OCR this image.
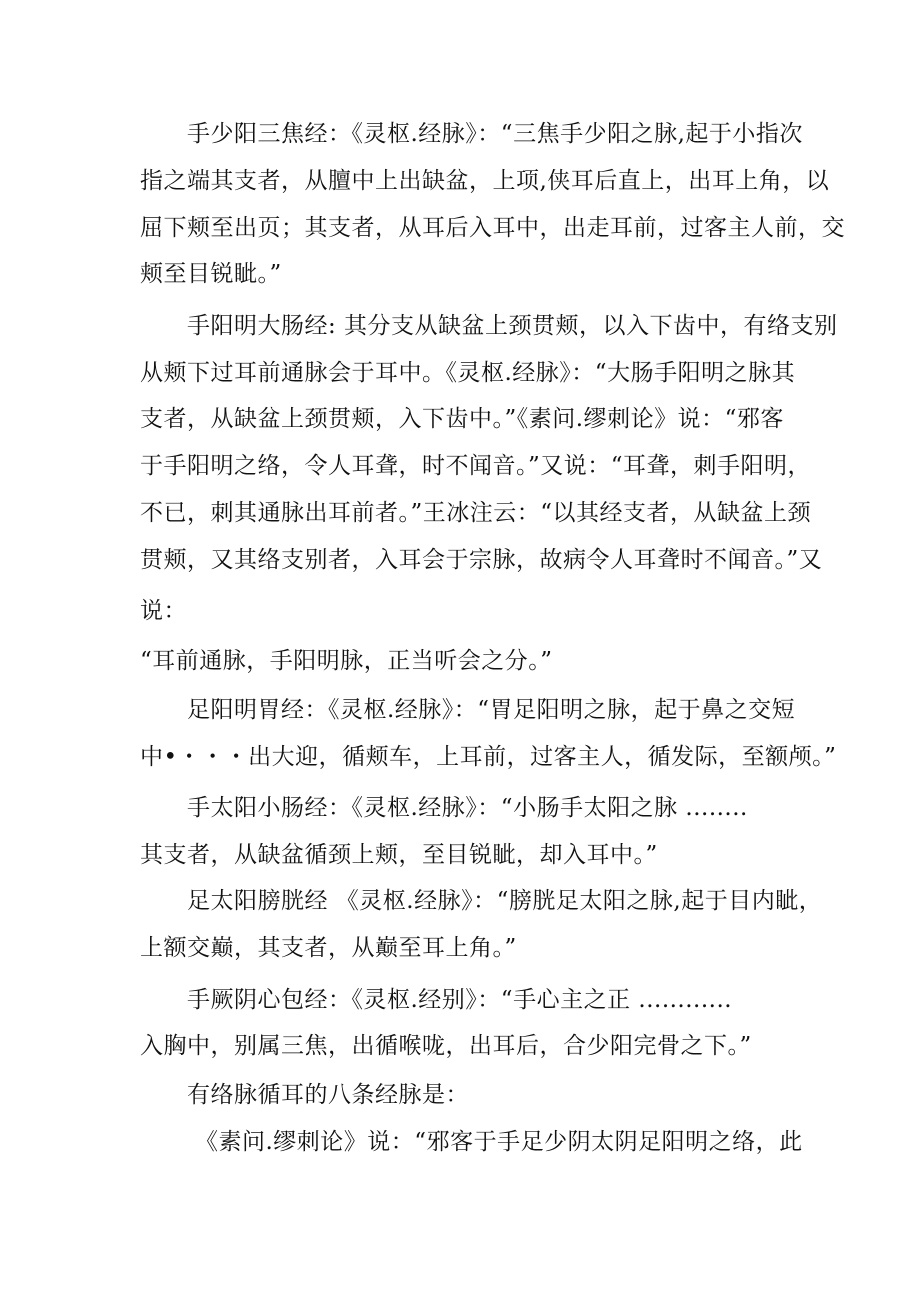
手少阳三焦经：《灵枢.经脉》：“三焦手少阳之脉,起于小指次
指之端其支者，从膻中上出缺盆，上项,侠耳后直上，出耳上角，以
屈下颊至出页；其支者，从耳后入耳中，出走耳前，过客主人前，交
颊至目锐眦。”
手阳明大肠经: 其分支从缺盆上颈贯颊，以入下齿中，有络支别
从颊下过耳前通脉会于耳中。《灵枢.经脉》：“大肠手阳明之脉其
支者，从缺盆上颈贯颊，入下齿中。”《素问.缪刺论》说：“邪客
于手阳明之络，令人耳聋，时不闻音。”又说：“耳聋，刺手阳明，
不已，刺其通脉出耳前者。”王冰注云：“以其经支者，从缺盆上颈
贯颊，又其络支别者，入耳会于宗脉，故病令人耳聋时不闻音。”又
说：
“耳前通脉，手阳明脉，正当听会之分。”
足阳明胃经：《灵枢.经脉》：“胃足阳明之脉，起于鼻之交短
中•・・・出大迎，循颊车，上耳前，过客主人，循发际，至额颅。”
手太阳小肠经：《灵枢.经脉》：“小肠手太阳之脉 ........
其支者，从缺盆循颈上颊，至目锐眦，却入耳中。”
足太阳膀胱经 《灵枢.经脉》：“膀胱足太阳之脉,起于目内眦，
上额交巅，其支者，从巅至耳上角。”
手厥阴心包经：《灵枢.经别》：“手心主之正 ............
入胸中，别属三焦，出循喉咙，出耳后，合少阳完骨之下。”
有络脉循耳的八条经脉是：
《素问.缪刺论》说：“邪客于手足少阴太阴足阳明之络，此
